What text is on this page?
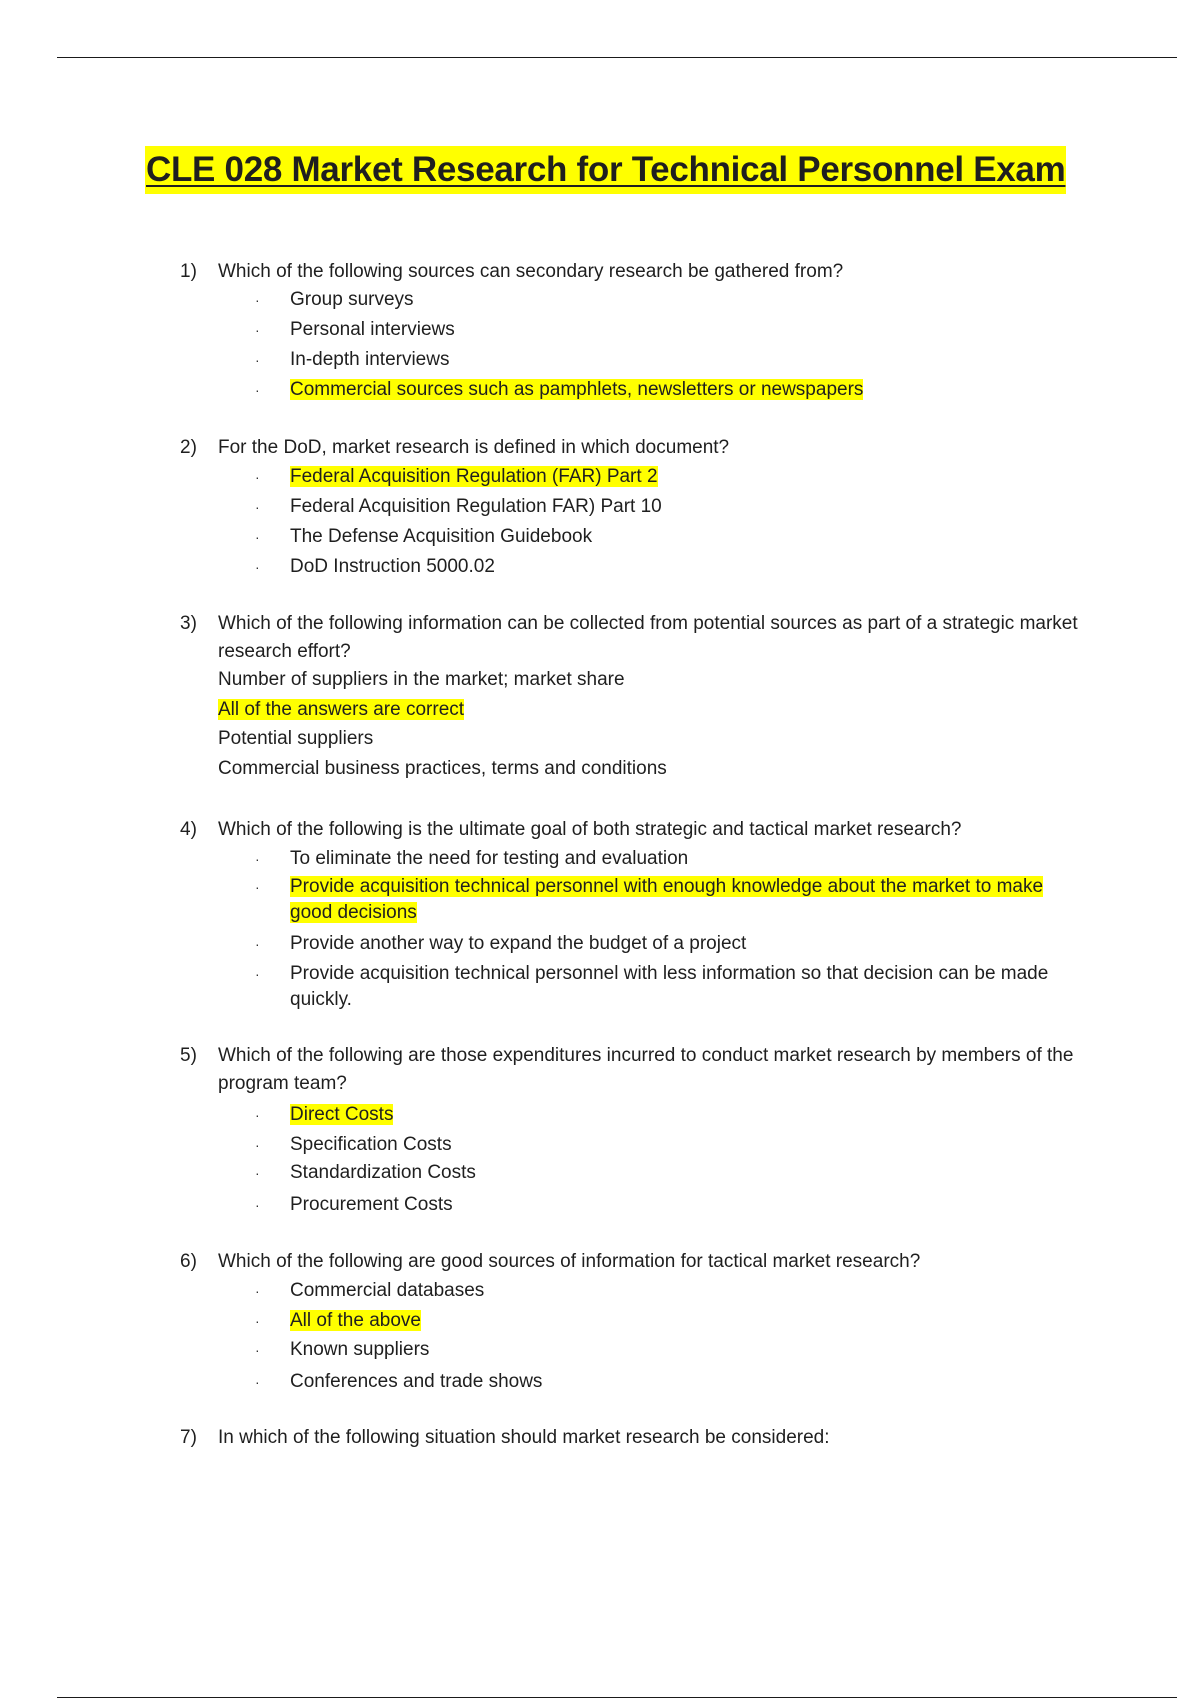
CLE 028 Market Research for Technical Personnel Exam
1) Which of the following sources can secondary research be gathered from?
· Group surveys
· Personal interviews
· In-depth interviews
· Commercial sources such as pamphlets, newsletters or newspapers
2) For the DoD, market research is defined in which document?
· Federal Acquisition Regulation (FAR) Part 2
· Federal Acquisition Regulation FAR) Part 10
· The Defense Acquisition Guidebook
· DoD Instruction 5000.02
3) Which of the following information can be collected from potential sources as part of a strategic market research effort?
Number of suppliers in the market; market share
All of the answers are correct
Potential suppliers
Commercial business practices, terms and conditions
4) Which of the following is the ultimate goal of both strategic and tactical market research?
· To eliminate the need for testing and evaluation
· Provide acquisition technical personnel with enough knowledge about the market to make good decisions
· Provide another way to expand the budget of a project
· Provide acquisition technical personnel with less information so that decision can be made quickly.
5) Which of the following are those expenditures incurred to conduct market research by members of the program team?
· Direct Costs
· Specification Costs
· Standardization Costs
· Procurement Costs
6) Which of the following are good sources of information for tactical market research?
· Commercial databases
· All of the above
· Known suppliers
· Conferences and trade shows
7) In which of the following situation should market research be considered:
